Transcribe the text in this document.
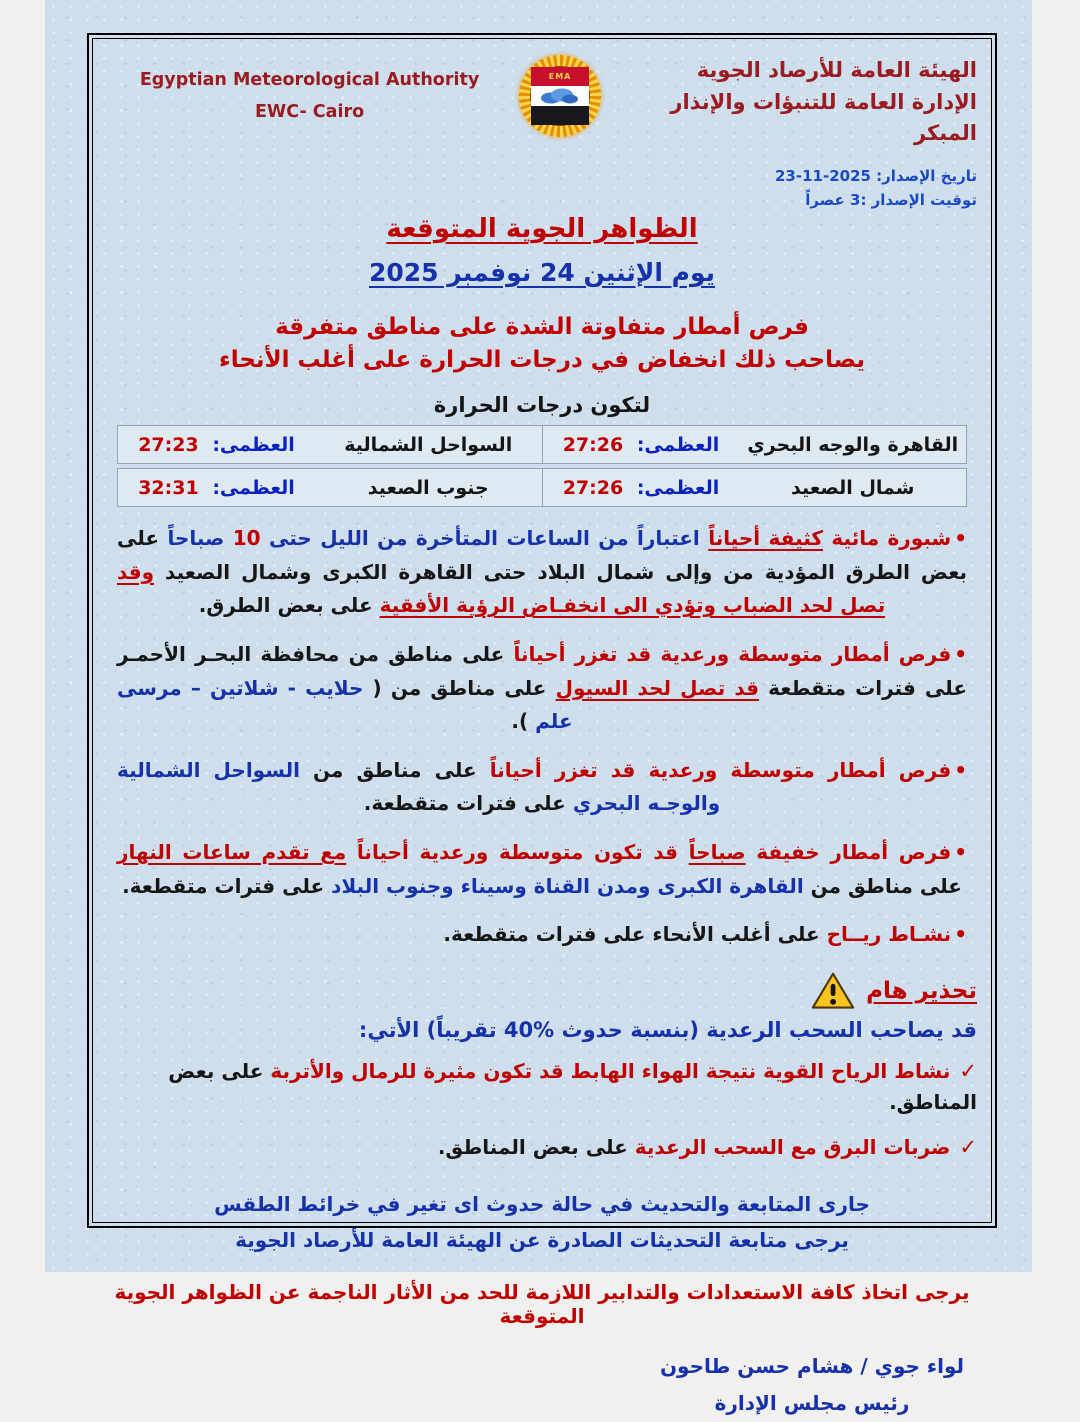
الهيئة العامة للأرصاد الجوية
الإدارة العامة للتنبؤات والإنذار المبكر
تاريخ الإصدار: 2025-11-23
توقيت الإصدار :3 عصراً
EMA
Egyptian Meteorological Authority
EWC- Cairo
الظواهر الجوية المتوقعة
يوم الإثنين 24 نوفمبر 2025
فرص أمطار متفاوتة الشدة على مناطق متفرقة
يصاحب ذلك انخفاض في درجات الحرارة على أغلب الأنحاء
لتكون درجات الحرارة
القاهرة والوجه البحري
العظمى: 27:26
السواحل الشمالية
العظمى: 27:23
شمال الصعيد
العظمى: 27:26
جنوب الصعيد
العظمى: 32:31

•شبورة مائية كثيفة أحياناً اعتباراً من الساعات المتأخرة من الليل حتى 10 صباحاً على بعض الطرق المؤدية من وإلى شمال البلاد حتى القاهرة الكبرى وشمال الصعيد وقد تصل لحد الضباب وتؤدي الى انخفـاض الرؤية الأفقية على بعض الطرق.

•فرص أمطار متوسطة ورعدية قد تغزر أحياناً على مناطق من محافظة البحـر الأحمـر على فترات متقطعة قد تصل لحد السيول على مناطق من ( حلايب - شلاتين – مرسى علم ).

•فرص أمطار متوسطة ورعدية قد تغزر أحياناً على مناطق من السواحل الشمالية والوجـه البحري على فترات متقطعة.

•فرص أمطار خفيفة صباحاً قد تكون متوسطة ورعدية أحياناً مع تقدم ساعات النهار على مناطق من القاهرة الكبرى ومدن القناة وسيناء وجنوب البلاد على فترات متقطعة.

•نشـاط ريــاح على أغلب الأنحاء على فترات متقطعة.

تحذير هام
قد يصاحب السحب الرعدية (بنسبة حدوث %40 تقريباً) الأتي:
✓نشاط الرياح القوية نتيجة الهواء الهابط قد تكون مثيرة للرمال والأتربة على بعض المناطق.
✓ضربات البرق مع السحب الرعدية على بعض المناطق.
جارى المتابعة والتحديث في حالة حدوث اى تغير في خرائط الطقس
يرجى متابعة التحديثات الصادرة عن الهيئة العامة للأرصاد الجوية
يرجى اتخاذ كافة الاستعدادات والتدابير اللازمة للحد من الأثار الناجمة عن الظواهر الجوية المتوقعة
لواء جوي / هشام حسن طاحون
رئيس مجلس الإدارة
